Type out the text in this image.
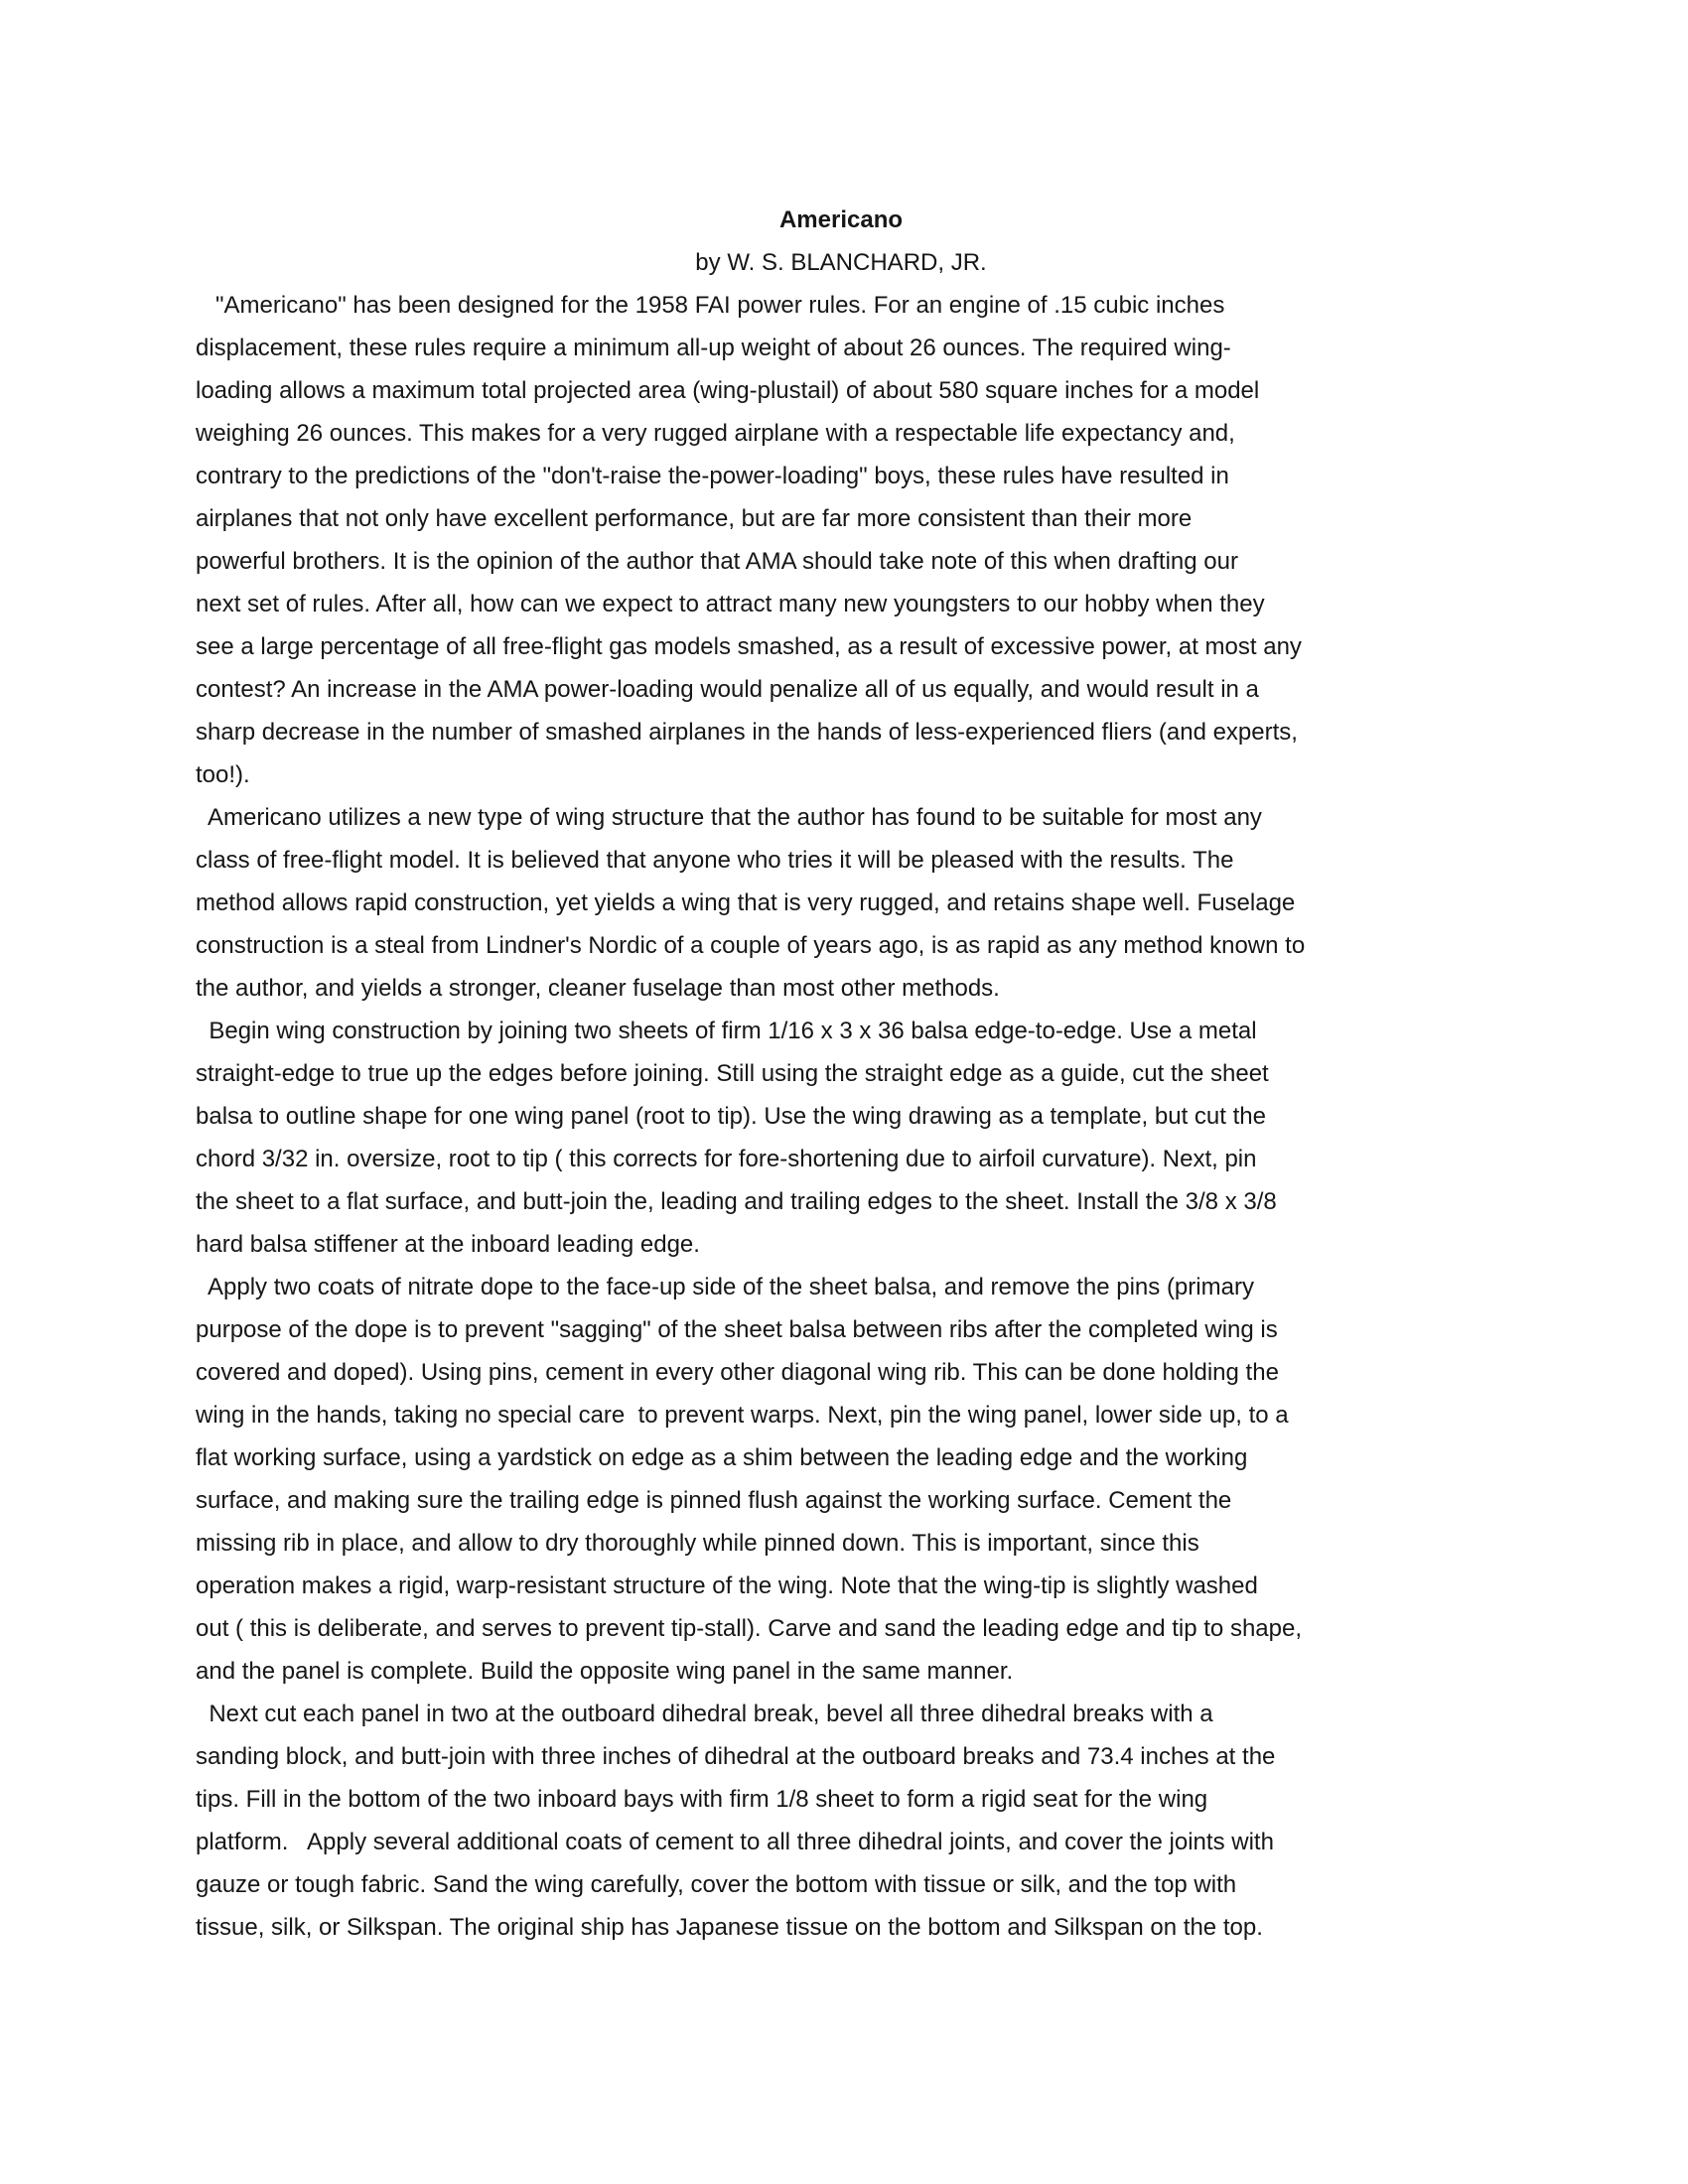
Americano
by W. S. BLANCHARD, JR.
"Americano" has been designed for the 1958 FAI power rules. For an engine of .15 cubic inches
displacement, these rules require a minimum all-up weight of about 26 ounces. The required wing-
loading allows a maximum total projected area (wing-plustail) of about 580 square inches for a model
weighing 26 ounces. This makes for a very rugged airplane with a respectable life expectancy and,
contrary to the predictions of the "don't-raise the-power-loading" boys, these rules have resulted in
airplanes that not only have excellent performance, but are far more consistent than their more
powerful brothers. It is the opinion of the author that AMA should take note of this when drafting our
next set of rules. After all, how can we expect to attract many new youngsters to our hobby when they
see a large percentage of all free-flight gas models smashed, as a result of excessive power, at most any
contest? An increase in the AMA power-loading would penalize all of us equally, and would result in a
sharp decrease in the number of smashed airplanes in the hands of less-experienced fliers (and experts,
too!).
Americano utilizes a new type of wing structure that the author has found to be suitable for most any
class of free-flight model. It is believed that anyone who tries it will be pleased with the results. The
method allows rapid construction, yet yields a wing that is very rugged, and retains shape well. Fuselage
construction is a steal from Lindner's Nordic of a couple of years ago, is as rapid as any method known to
the author, and yields a stronger, cleaner fuselage than most other methods.
Begin wing construction by joining two sheets of firm 1/16 x 3 x 36 balsa edge-to-edge. Use a metal
straight-edge to true up the edges before joining. Still using the straight edge as a guide, cut the sheet
balsa to outline shape for one wing panel (root to tip). Use the wing drawing as a template, but cut the
chord 3/32 in. oversize, root to tip ( this corrects for fore-shortening due to airfoil curvature). Next, pin
the sheet to a flat surface, and butt-join the, leading and trailing edges to the sheet. Install the 3/8 x 3/8
hard balsa stiffener at the inboard leading edge.
Apply two coats of nitrate dope to the face-up side of the sheet balsa, and remove the pins (primary
purpose of the dope is to prevent "sagging" of the sheet balsa between ribs after the completed wing is
covered and doped). Using pins, cement in every other diagonal wing rib. This can be done holding the
wing in the hands, taking no special care  to prevent warps. Next, pin the wing panel, lower side up, to a
flat working surface, using a yardstick on edge as a shim between the leading edge and the working
surface, and making sure the trailing edge is pinned flush against the working surface. Cement the
missing rib in place, and allow to dry thoroughly while pinned down. This is important, since this
operation makes a rigid, warp-resistant structure of the wing. Note that the wing-tip is slightly washed
out ( this is deliberate, and serves to prevent tip-stall). Carve and sand the leading edge and tip to shape,
and the panel is complete. Build the opposite wing panel in the same manner.
Next cut each panel in two at the outboard dihedral break, bevel all three dihedral breaks with a
sanding block, and butt-join with three inches of dihedral at the outboard breaks and 73.4 inches at the
tips. Fill in the bottom of the two inboard bays with firm 1/8 sheet to form a rigid seat for the wing
platform.   Apply several additional coats of cement to all three dihedral joints, and cover the joints with
gauze or tough fabric. Sand the wing carefully, cover the bottom with tissue or silk, and the top with
tissue, silk, or Silkspan. The original ship has Japanese tissue on the bottom and Silkspan on the top.
